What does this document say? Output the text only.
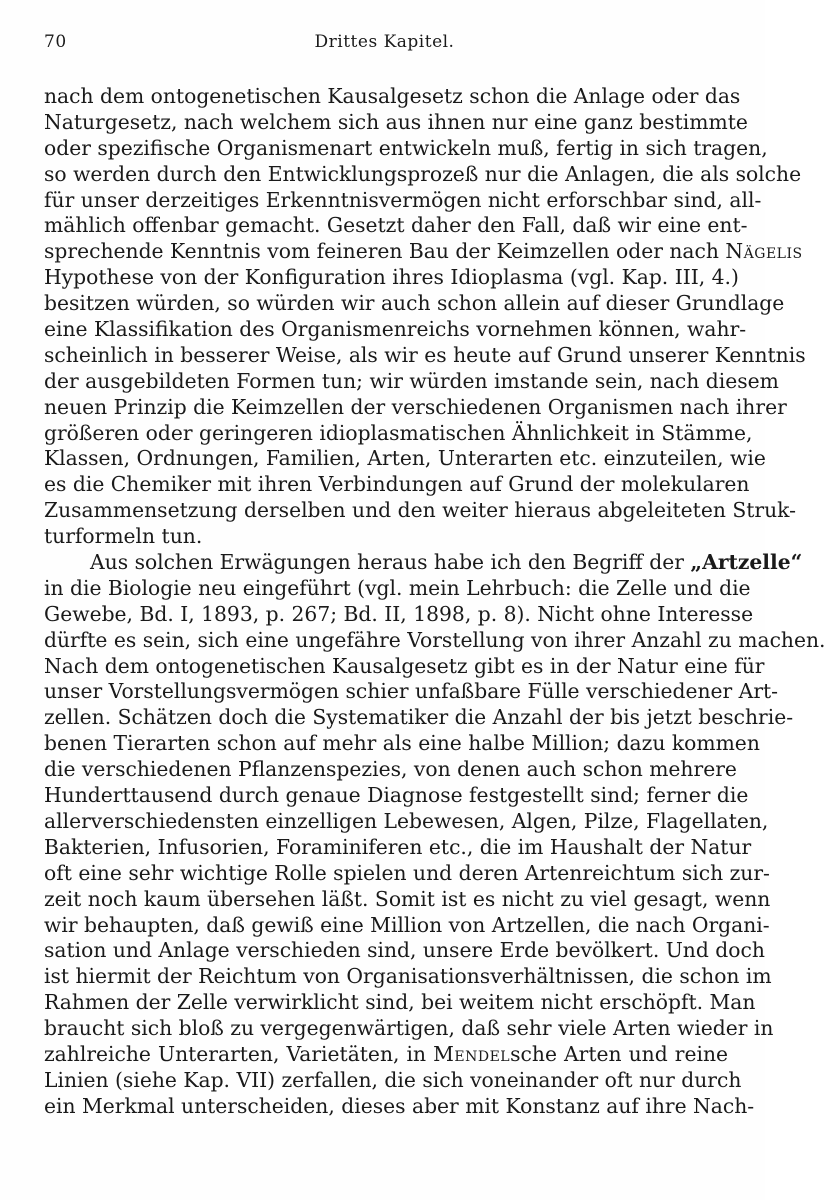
70	Drittes Kapitel.
nach dem ontogenetischen Kausalgesetz schon die Anlage oder das
Naturgesetz, nach welchem sich aus ihnen nur eine ganz bestimmte
oder spezifische Organismenart entwickeln muß, fertig in sich tragen,
so werden durch den Entwicklungsprozeß nur die Anlagen, die als solche
für unser derzeitiges Erkenntnisvermögen nicht erforschbar sind, all-
mählich offenbar gemacht. Gesetzt daher den Fall, daß wir eine ent-
sprechende Kenntnis vom feineren Bau der Keimzellen oder nach Nägelis
Hypothese von der Konfiguration ihres Idioplasma (vgl. Kap. III, 4.)
besitzen würden, so würden wir auch schon allein auf dieser Grundlage
eine Klassifikation des Organismenreichs vornehmen können, wahr-
scheinlich in besserer Weise, als wir es heute auf Grund unserer Kenntnis
der ausgebildeten Formen tun; wir würden imstande sein, nach diesem
neuen Prinzip die Keimzellen der verschiedenen Organismen nach ihrer
größeren oder geringeren idioplasmatischen Ähnlichkeit in Stämme,
Klassen, Ordnungen, Familien, Arten, Unterarten etc. einzuteilen, wie
es die Chemiker mit ihren Verbindungen auf Grund der molekularen
Zusammensetzung derselben und den weiter hieraus abgeleiteten Struk-
turformeln tun.
Aus solchen Erwägungen heraus habe ich den Begriff der „Artzelle“
in die Biologie neu eingeführt (vgl. mein Lehrbuch: die Zelle und die
Gewebe, Bd. I, 1893, p. 267; Bd. II, 1898, p. 8). Nicht ohne Interesse
dürfte es sein, sich eine ungefähre Vorstellung von ihrer Anzahl zu machen.
Nach dem ontogenetischen Kausalgesetz gibt es in der Natur eine für
unser Vorstellungsvermögen schier unfaßbare Fülle verschiedener Art-
zellen. Schätzen doch die Systematiker die Anzahl der bis jetzt beschrie-
benen Tierarten schon auf mehr als eine halbe Million; dazu kommen
die verschiedenen Pflanzenspezies, von denen auch schon mehrere
Hunderttausend durch genaue Diagnose festgestellt sind; ferner die
allerverschiedensten einzelligen Lebewesen, Algen, Pilze, Flagellaten,
Bakterien, Infusorien, Foraminiferen etc., die im Haushalt der Natur
oft eine sehr wichtige Rolle spielen und deren Artenreichtum sich zur-
zeit noch kaum übersehen läßt. Somit ist es nicht zu viel gesagt, wenn
wir behaupten, daß gewiß eine Million von Artzellen, die nach Organi-
sation und Anlage verschieden sind, unsere Erde bevölkert. Und doch
ist hiermit der Reichtum von Organisationsverhältnissen, die schon im
Rahmen der Zelle verwirklicht sind, bei weitem nicht erschöpft. Man
braucht sich bloß zu vergegenwärtigen, daß sehr viele Arten wieder in
zahlreiche Unterarten, Varietäten, in Mendelsche Arten und reine
Linien (siehe Kap. VII) zerfallen, die sich voneinander oft nur durch
ein Merkmal unterscheiden, dieses aber mit Konstanz auf ihre Nach-
